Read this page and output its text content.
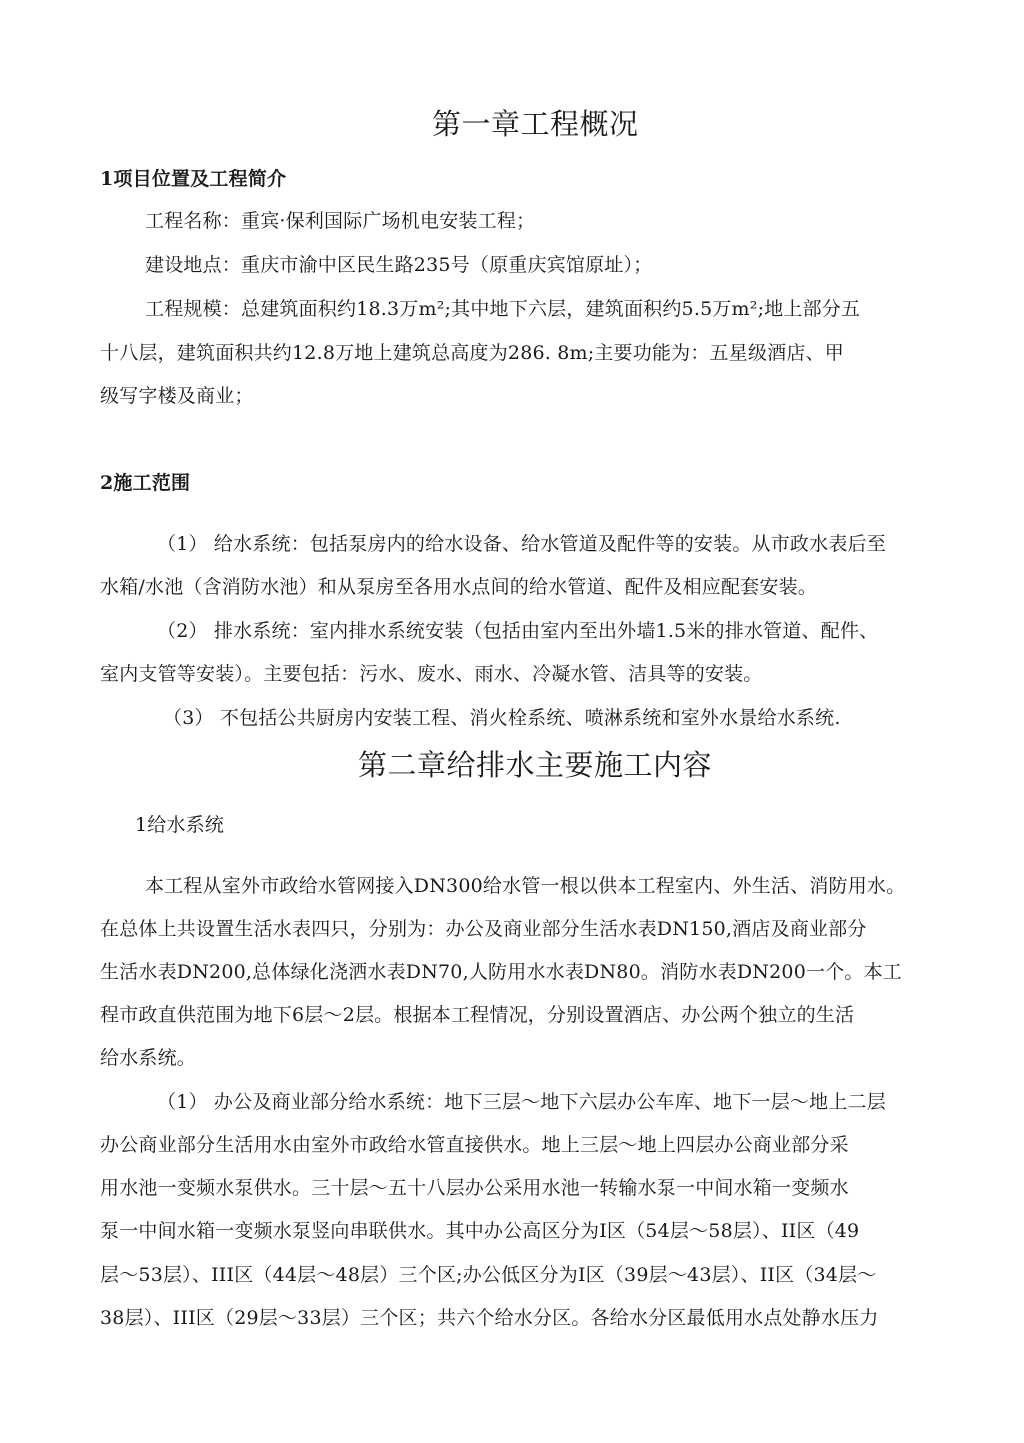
第一章工程概况
1项目位置及工程简介
工程名称：重宾·保利国际广场机电安装工程；
建设地点：重庆市渝中区民生路235号（原重庆宾馆原址）；
工程规模：总建筑面积约18.3万m²;其中地下六层，建筑面积约5.5万m²;地上部分五
十八层，建筑面积共约12.8万地上建筑总高度为286. 8m;主要功能为：五星级酒店、甲
级写字楼及商业；
2施工范围
（1） 给水系统：包括泵房内的给水设备、给水管道及配件等的安装。从市政水表后至
水箱/水池（含消防水池）和从泵房至各用水点间的给水管道、配件及相应配套安装。
（2） 排水系统：室内排水系统安装（包括由室内至出外墙1.5米的排水管道、配件、
室内支管等安装）。主要包括：污水、废水、雨水、冷凝水管、洁具等的安装。
（3） 不包括公共厨房内安装工程、消火栓系统、喷淋系统和室外水景给水系统.
第二章给排水主要施工内容
1给水系统
本工程从室外市政给水管网接入DN300给水管一根以供本工程室内、外生活、消防用水。
在总体上共设置生活水表四只，分别为：办公及商业部分生活水表DN150,酒店及商业部分
生活水表DN200,总体绿化浇洒水表DN70,人防用水水表DN80。消防水表DN200一个。本工
程市政直供范围为地下6层～2层。根据本工程情况，分别设置酒店、办公两个独立的生活
给水系统。
（1） 办公及商业部分给水系统：地下三层～地下六层办公车库、地下一层～地上二层
办公商业部分生活用水由室外市政给水管直接供水。地上三层～地上四层办公商业部分采
用水池一变频水泵供水。三十层～五十八层办公采用水池一转输水泵一中间水箱一变频水
泵一中间水箱一变频水泵竖向串联供水。其中办公高区分为I区（54层～58层）、II区（49
层～53层）、III区（44层～48层）三个区;办公低区分为I区（39层～43层）、II区（34层～
38层）、III区（29层～33层）三个区；共六个给水分区。各给水分区最低用水点处静水压力
